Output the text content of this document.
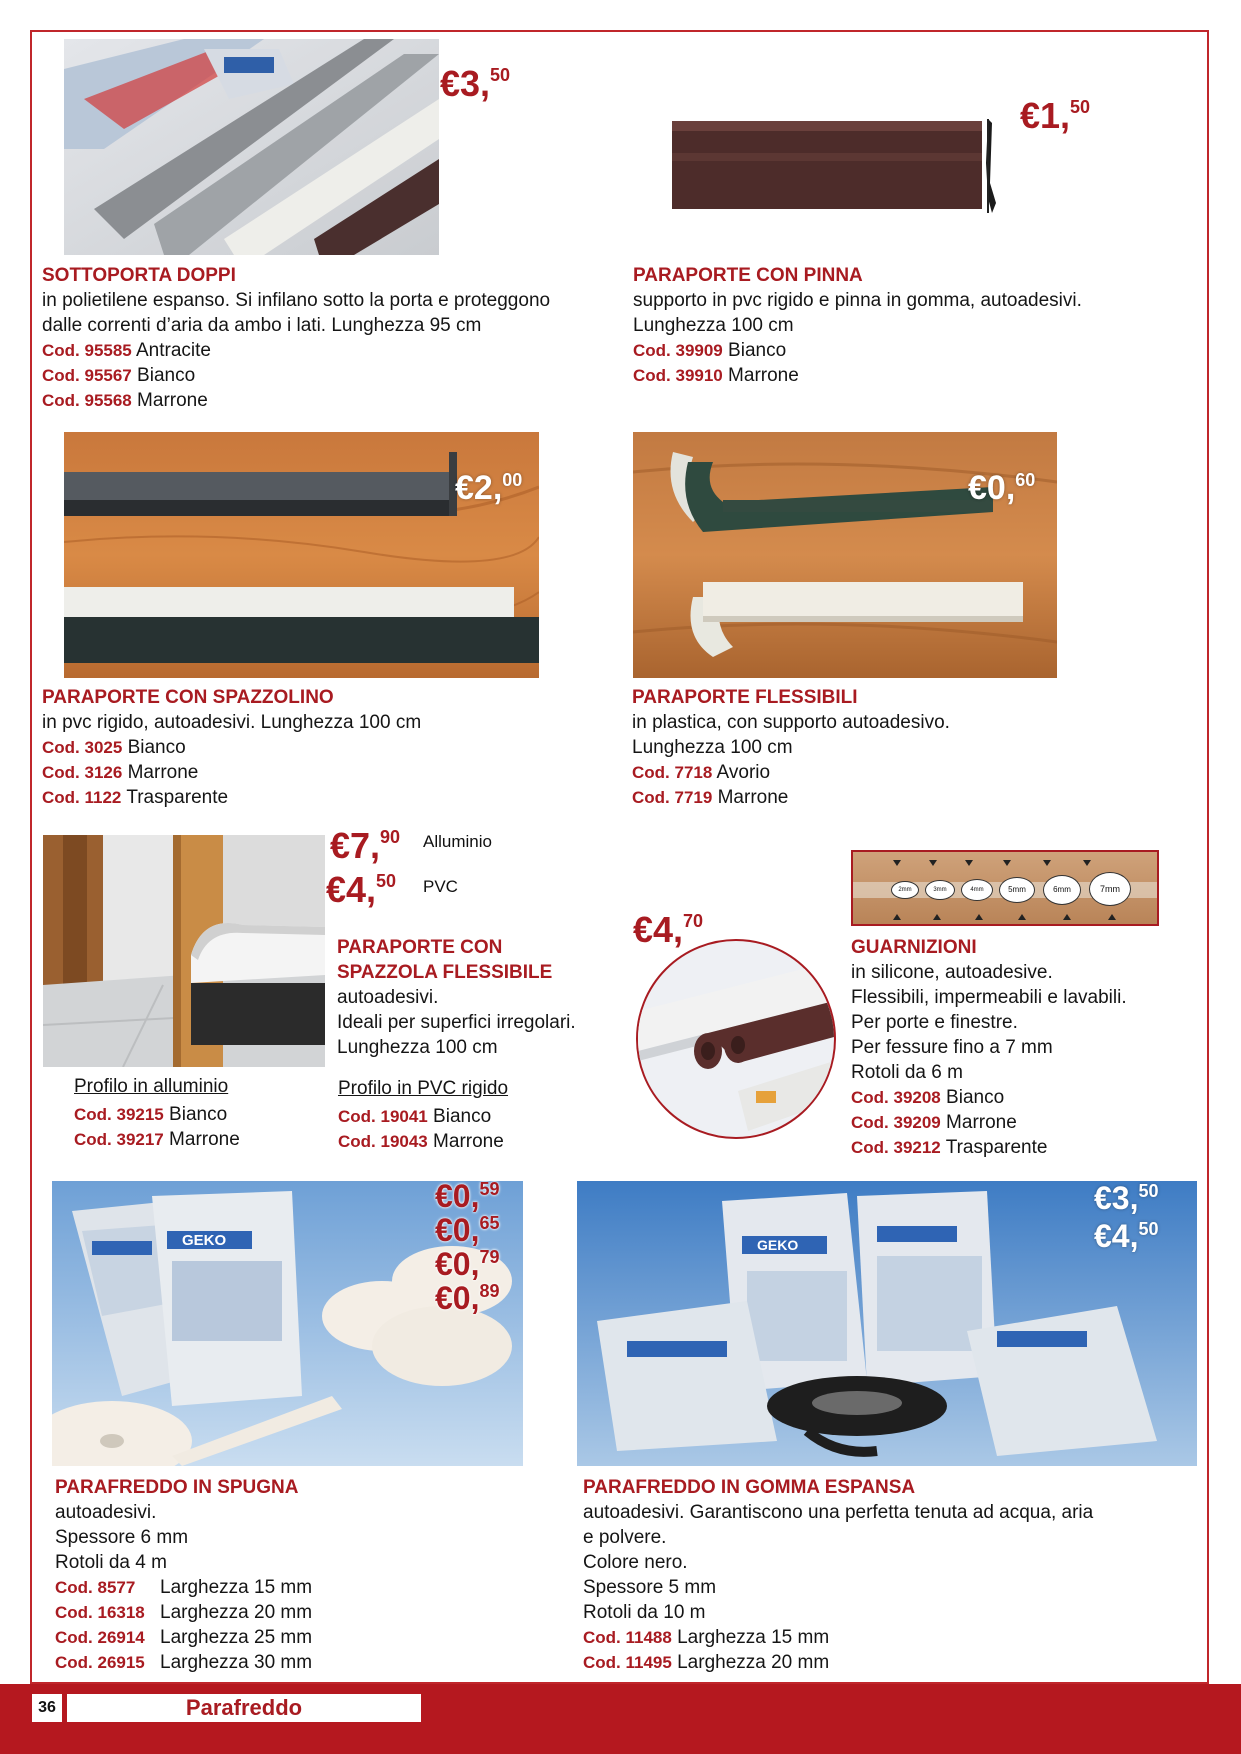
€3,50
SOTTOPORTA DOPPI
in polietilene espanso. Si infilano sotto la porta e proteggono
dalle correnti d’aria da ambo i lati. Lunghezza 95 cm
Cod. 95585 Antracite
Cod. 95567 Bianco
Cod. 95568 Marrone
€1,50
PARAPORTE CON PINNA
supporto in pvc rigido e pinna in gomma, autoadesivi.
Lunghezza 100 cm
Cod. 39909 Bianco
Cod. 39910 Marrone
€2,00
PARAPORTE CON SPAZZOLINO
in pvc rigido, autoadesivi. Lunghezza 100 cm
Cod. 3025 Bianco
Cod. 3126 Marrone
Cod. 1122 Trasparente
€0,60
PARAPORTE FLESSIBILI
in plastica, con supporto autoadesivo.
Lunghezza 100 cm
Cod. 7718 Avorio
Cod. 7719 Marrone
€7,90 Alluminio
€4,50 PVC
PARAPORTE CON
SPAZZOLA FLESSIBILE
autoadesivi.
Ideali per superfici irregolari.
Lunghezza 100 cm
Profilo in alluminio
Cod. 39215 Bianco
Cod. 39217 Marrone
Profilo in PVC rigido
Cod. 19041 Bianco
Cod. 19043 Marrone
€4,70
2mm	3mm	4mm	5mm	6mm	7mm
GUARNIZIONI
in silicone, autoadesive.
Flessibili, impermeabili e lavabili.
Per porte e finestre.
Per fessure fino a 7 mm
Rotoli da 6 m
Cod. 39208 Bianco
Cod. 39209 Marrone
Cod. 39212 Trasparente
GEKO
€0,59
€0,65
€0,79
€0,89
PARAFREDDO IN SPUGNA
autoadesivi.
Spessore 6 mm
Rotoli da 4 m
Cod. 8577 Larghezza 15 mm
Cod. 16318 Larghezza 20 mm
Cod. 26914 Larghezza 25 mm
Cod. 26915 Larghezza 30 mm
GEKO
€3,50
€4,50
PARAFREDDO IN GOMMA ESPANSA
autoadesivi. Garantiscono una perfetta tenuta ad acqua, aria
e polvere.
Colore nero.
Spessore 5 mm
Rotoli da 10 m
Cod. 11488 Larghezza 15 mm
Cod. 11495 Larghezza 20 mm
36	Parafreddo
